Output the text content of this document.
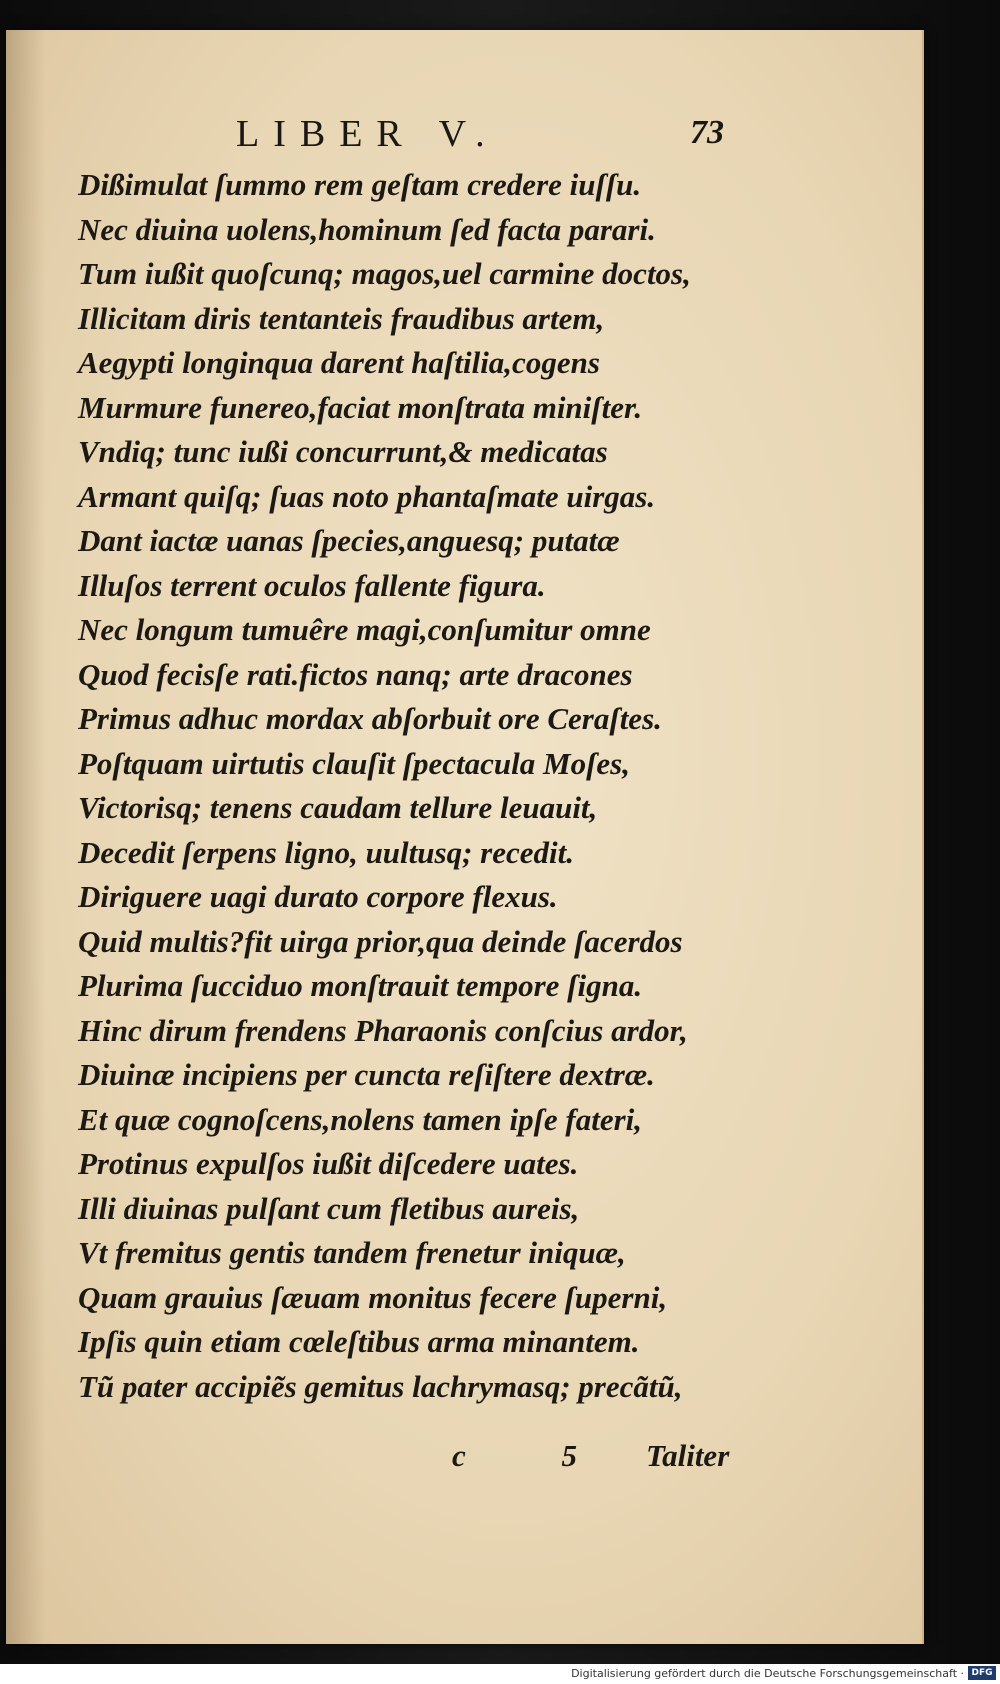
LIBER V.	73
Dißimulat ſummo rem geſtam credere iuſſu.
Nec diuina uolens,hominum ſed facta parari.
Tum iußit quoſcunq; magos,uel carmine doctos,
Illicitam diris tentanteis fraudibus artem,
Aegypti longinqua darent haſtilia,cogens
Murmure funereo,faciat monſtrata miniſter.
Vndiq; tunc iußi concurrunt,& medicatas
Armant quiſq; ſuas noto phantaſmate uirgas.
Dant iactæ uanas ſpecies,anguesq; putatæ
Illuſos terrent oculos fallente figura.
Nec longum tumuêre magi,conſumitur omne
Quod fecisſe rati.fictos nanq; arte dracones
Primus adhuc mordax abſorbuit ore Ceraſtes.
Poſtquam uirtutis clauſit ſpectacula Moſes,
Victorisq; tenens caudam tellure leuauit,
Decedit ſerpens ligno, uultusq; recedit.
Diriguere uagi durato corpore flexus.
Quid multis?fit uirga prior,qua deinde ſacerdos
Plurima ſucciduo monſtrauit tempore ſigna.
Hinc dirum frendens Pharaonis conſcius ardor,
Diuinæ incipiens per cuncta reſiſtere dextræ.
Et quæ cognoſcens,nolens tamen ipſe fateri,
Protinus expulſos iußit diſcedere uates.
Illi diuinas pulſant cum fletibus aureis,
Vt fremitus gentis tandem frenetur iniquæ,
Quam grauius ſæuam monitus fecere ſuperni,
Ipſis quin etiam cœleſtibus arma minantem.
Tũ pater accipiẽs gemitus lachrymasq; precãtũ,
c 5 Taliter
Digitalisierung gefördert durch die Deutsche Forschungsgemeinschaft · DFG
